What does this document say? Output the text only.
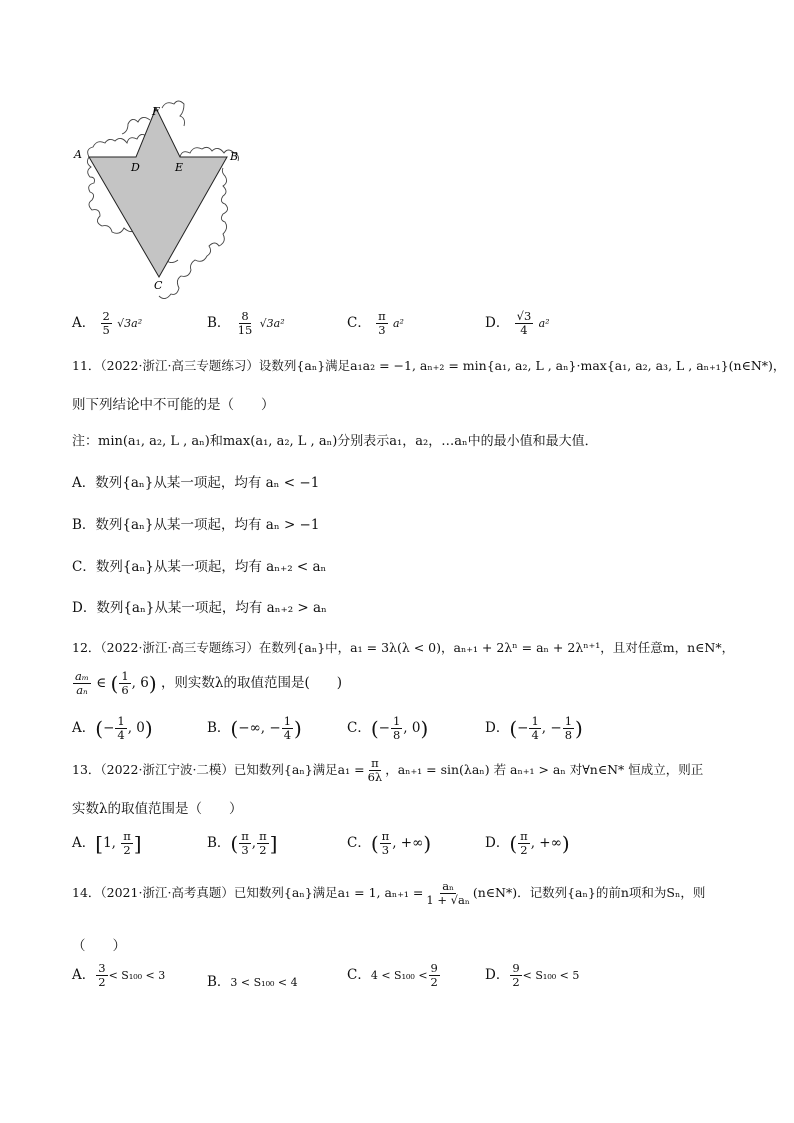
F
A	B
D	E
C
A． $\frac{2}{5} √3a^2$	B． $\frac{8}{15} √3a^2$	C． $\frac{\pi}{3} a^2$	D． $\frac{√3}{4} a^2$
11．（2022·浙江·高三专题练习）设数列{aₙ}满足a₁a₂ = −1, aₙ₊₂ = min{a₁, a₂, L , aₙ}·max{a₁, a₂, a₃, L , aₙ₊₁}(n∈N*)，
则下列结论中不可能的是（　　）
注：min(a₁, a₂, L , aₙ)和max(a₁, a₂, L , aₙ)分别表示a₁，a₂，…aₙ中的最小值和最大值．
A．数列{aₙ}从某一项起，均有 aₙ < −1
B．数列{aₙ}从某一项起，均有 aₙ > −1
C．数列{aₙ}从某一项起，均有 aₙ₊₂ < aₙ
D．数列{aₙ}从某一项起，均有 aₙ₊₂ > aₙ
12．（2022·浙江·高三专题练习）在数列{aₙ}中，a₁ = 3λ(λ < 0)，aₙ₊₁ + 2λⁿ = aₙ + 2λⁿ⁺¹，且对任意m，n∈N*，
$\frac{\text{aₘ}}{\text{aₙ}}$ ∈ ( $\frac{1}{6}$ , 6) ，则实数λ的取值范围是(　　)
A．(− $\frac{1}{4}$ , 0)	B．(−∞, − $\frac{1}{4}$ )	C．(− $\frac{1}{8}$ , 0)	D．(− $\frac{1}{4}$ , − $\frac{1}{8}$ )
13．（2022·浙江宁波·二模）已知数列{aₙ}满足$a_1 = \frac{\pi}{6\lambda}$ ，aₙ₊₁ = sin(λaₙ) 若 aₙ₊₁ > aₙ 对∀n∈N* 恒成立，则正
实数λ的取值范围是（　　）
A．[1, $\frac{\pi}{2}$ ]	B．( $\frac{\pi}{3}$ , $\frac{\pi}{2}$ ]	C．( $\frac{\pi}{3}$ , +∞)	D．( $\frac{\pi}{2}$ , +∞)
14．（2021·浙江·高考真题）已知数列{aₙ}满足a₁ = 1, $a_{n+1} = \frac{\text{aₙ}}{\text{1 + √aₙ}}$ (n∈N*)．记数列{aₙ}的前n项和为Sₙ，则
（　　）
A． $\frac{3}{2} < S_{100} < 3$	B．3 < S₁₀₀ < 4	C．$4 < S_{100} < \frac{9}{2}$	D． $\frac{9}{2} < S_{100} < 5$
